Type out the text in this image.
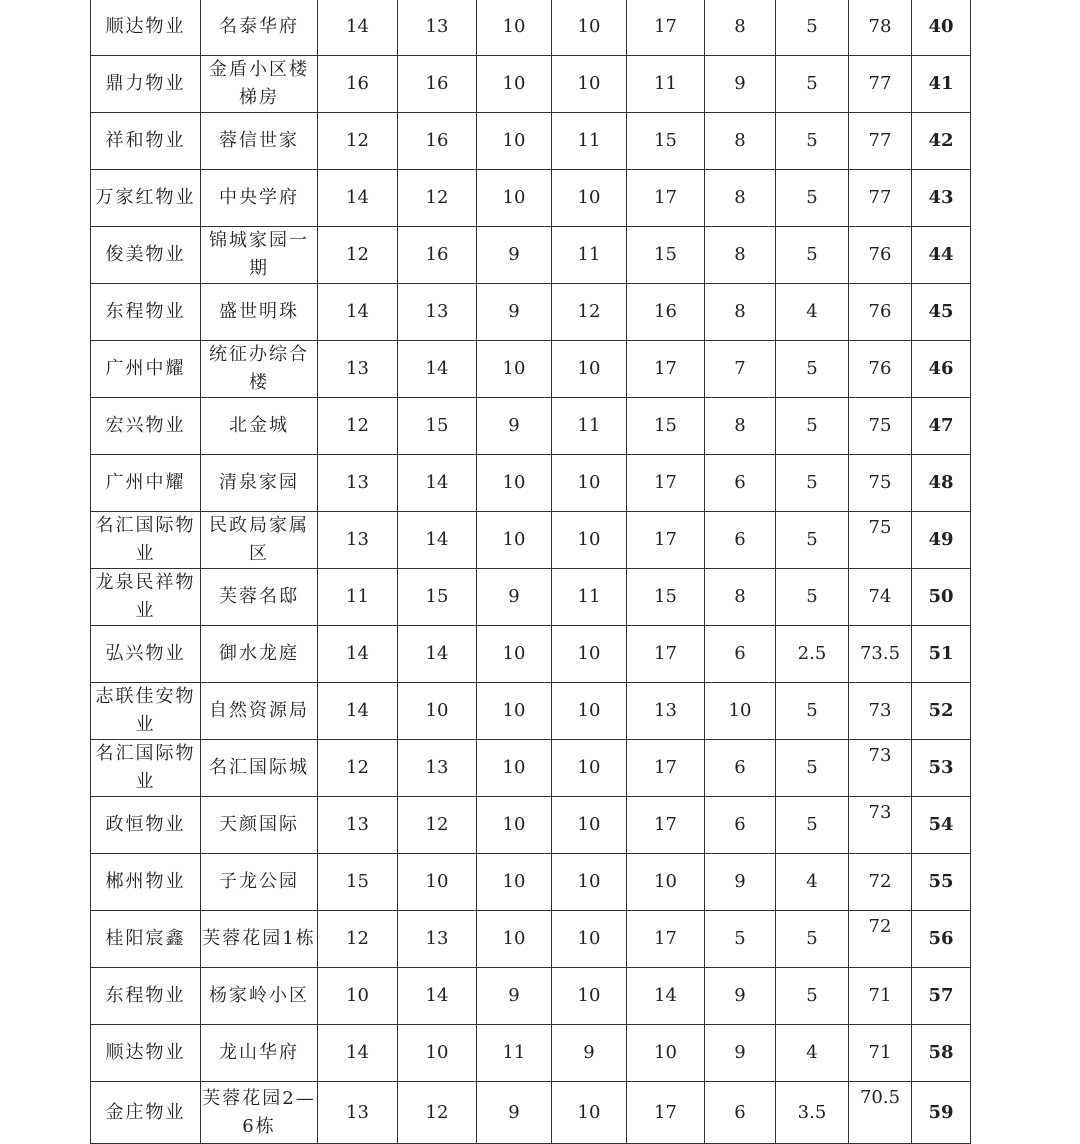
顺达物业	名泰华府	14	13	10	10	17	8	5	78	40
鼎力物业	金盾小区楼梯房	16	16	10	10	11	9	5	77	41
祥和物业	蓉信世家	12	16	10	11	15	8	5	77	42
万家红物业	中央学府	14	12	10	10	17	8	5	77	43
俊美物业	锦城家园一期	12	16	9	11	15	8	5	76	44
东程物业	盛世明珠	14	13	9	12	16	8	4	76	45
广州中耀	统征办综合楼	13	14	10	10	17	7	5	76	46
宏兴物业	北金城	12	15	9	11	15	8	5	75	47
广州中耀	清泉家园	13	14	10	10	17	6	5	75	48
名汇国际物业	民政局家属区	13	14	10	10	17	6	5	75	49
龙泉民祥物业	芙蓉名邸	11	15	9	11	15	8	5	74	50
弘兴物业	御水龙庭	14	14	10	10	17	6	2.5	73.5	51
志联佳安物业	自然资源局	14	10	10	10	13	10	5	73	52
名汇国际物业	名汇国际城	12	13	10	10	17	6	5	73	53
政恒物业	天颜国际	13	12	10	10	17	6	5	73	54
郴州物业	子龙公园	15	10	10	10	10	9	4	72	55
桂阳宸鑫	芙蓉花园1栋	12	13	10	10	17	5	5	72	56
东程物业	杨家岭小区	10	14	9	10	14	9	5	71	57
顺达物业	龙山华府	14	10	11	9	10	9	4	71	58
金庄物业	芙蓉花园2—6栋	13	12	9	10	17	6	3.5	70.5	59
